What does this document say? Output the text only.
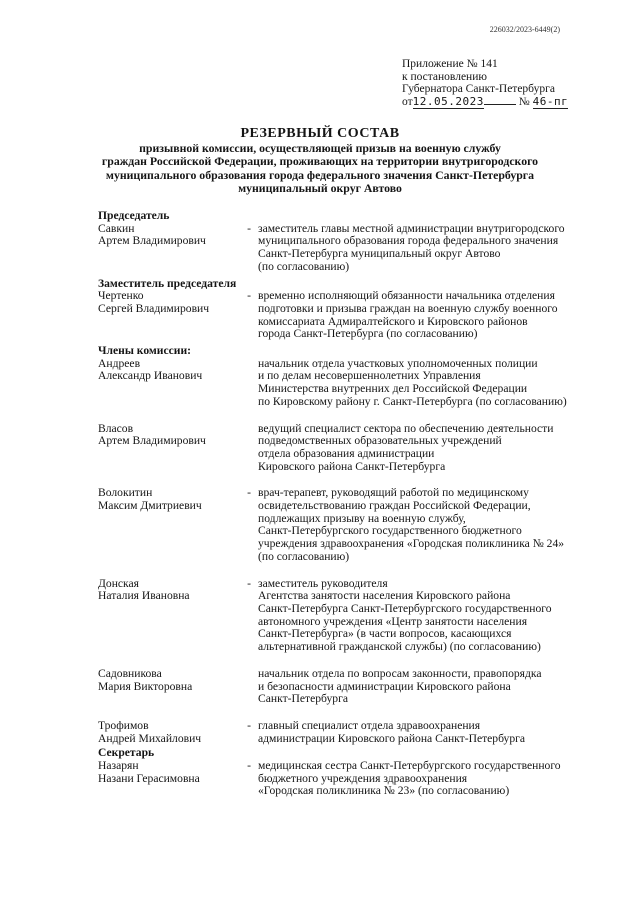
226032/2023-6449(2)
Приложение № 141
к постановлению
Губернатора Санкт-Петербурга
от12.05.2023	№ 46-пг
РЕЗЕРВНЫЙ СОСТАВ
призывной комиссии, осуществляющей призыв на военную службу
граждан Российской Федерации, проживающих на территории внутригородского
муниципального образования города федерального значения Санкт-Петербурга
муниципальный округ Автово
Председатель
Савкин
Артем Владимирович
- заместитель главы местной администрации внутригородского
муниципального образования города федерального значения
Санкт-Петербурга муниципальный округ Автово
(по согласованию)
Заместитель председателя
Чертенко
Сергей Владимирович
- временно исполняющий обязанности начальника отделения
подготовки и призыва граждан на военную службу военного
комиссариата Адмиралтейского и Кировского районов
города Санкт-Петербурга (по согласованию)
Члены комиссии:
Андреев
Александр Иванович
начальник отдела участковых уполномоченных полиции
и по делам несовершеннолетних Управления
Министерства внутренних дел Российской Федерации
по Кировскому району г. Санкт-Петербурга (по согласованию)
Власов
Артем Владимирович
ведущий специалист сектора по обеспечению деятельности
подведомственных образовательных учреждений
отдела образования администрации
Кировского района Санкт-Петербурга
Волокитин
Максим Дмитриевич
- врач-терапевт, руководящий работой по медицинскому
освидетельствованию граждан Российской Федерации,
подлежащих призыву на военную службу,
Санкт-Петербургского государственного бюджетного
учреждения здравоохранения «Городская поликлиника № 24»
(по согласованию)
Донская
Наталия Ивановна
- заместитель руководителя
Агентства занятости населения Кировского района
Санкт-Петербурга Санкт-Петербургского государственного
автономного учреждения «Центр занятости населения
Санкт-Петербурга» (в части вопросов, касающихся
альтернативной гражданской службы) (по согласованию)
Садовникова
Мария Викторовна
начальник отдела по вопросам законности, правопорядка
и безопасности администрации Кировского района
Санкт-Петербурга
Трофимов
Андрей Михайлович
- главный специалист отдела здравоохранения
администрации Кировского района Санкт-Петербурга
Секретарь
Назарян
Назани Герасимовна
- медицинская сестра Санкт-Петербургского государственного
бюджетного учреждения здравоохранения
«Городская поликлиника № 23» (по согласованию)
